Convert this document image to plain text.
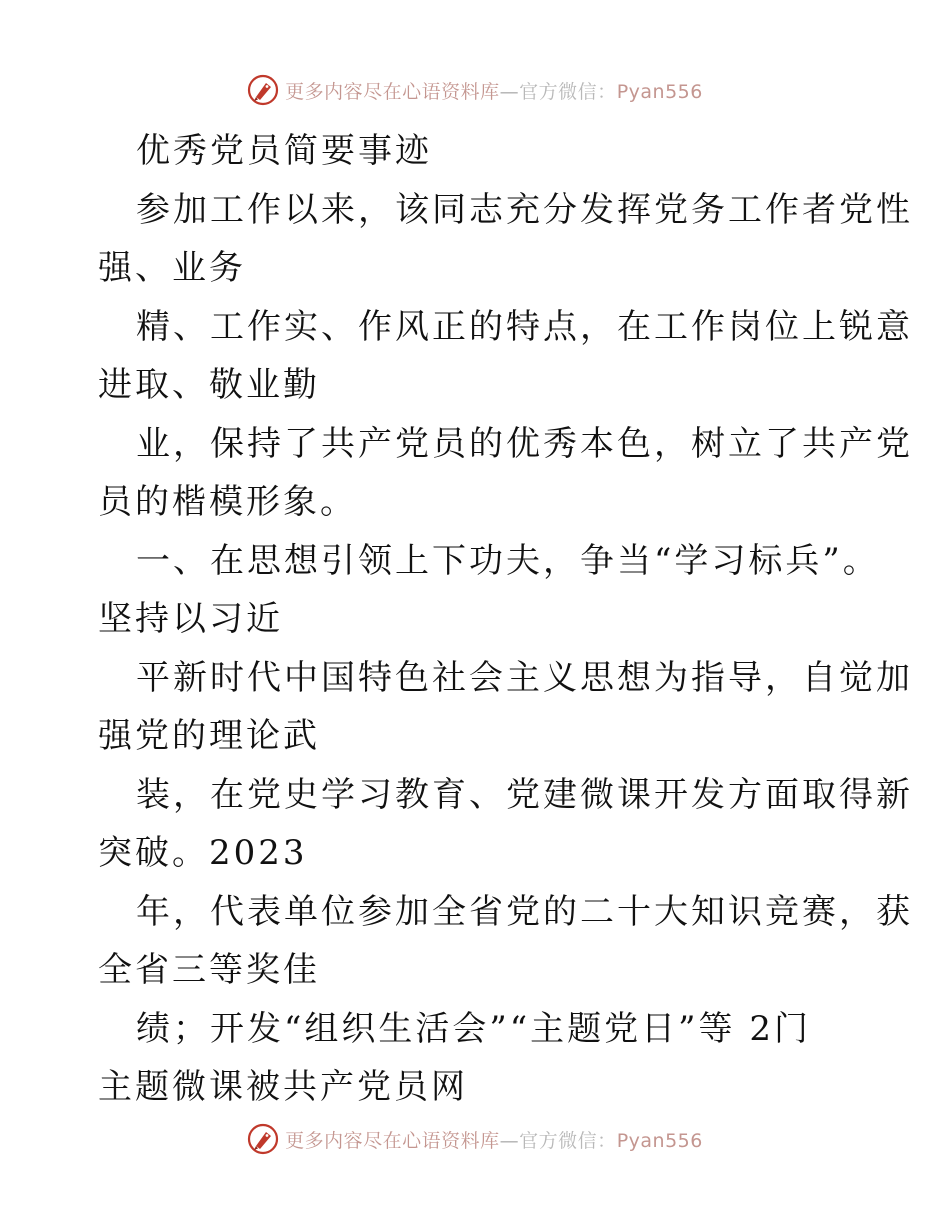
更多内容尽在心语资料库—官方微信：Pyan556

优秀党员简要事迹

参加工作以来，该同志充分发挥党务工作者党性
强、业务

精、工作实、作风正的特点，在工作岗位上锐意
进取、敬业勤

业，保持了共产党员的优秀本色，树立了共产党
员的楷模形象。

一、在思想引领上下功夫，争当“学习标兵”。
坚持以习近

平新时代中国特色社会主义思想为指导，自觉加
强党的理论武

装，在党史学习教育、党建微课开发方面取得新
突破。2023

年，代表单位参加全省党的二十大知识竞赛，获
全省三等奖佳

绩；开发“组织生活会”“主题党日”等 2门
主题微课被共产党员网

更多内容尽在心语资料库—官方微信：Pyan556
